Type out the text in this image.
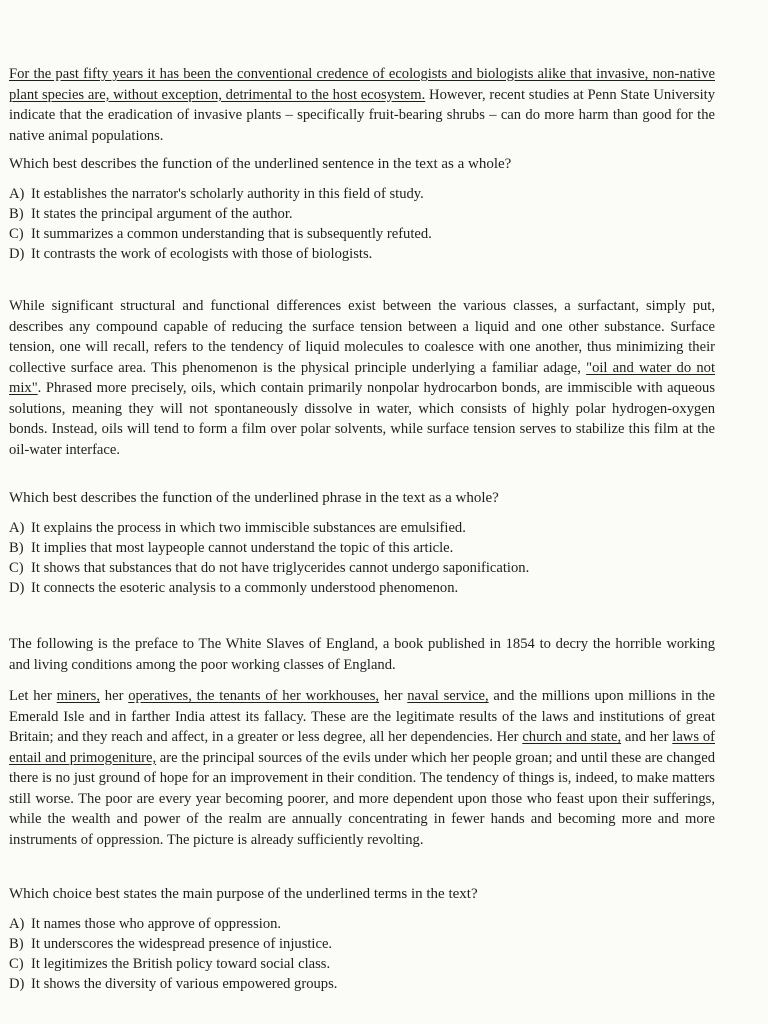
For the past fifty years it has been the conventional credence of ecologists and biologists alike that invasive, non-native plant species are, without exception, detrimental to the host ecosystem. However, recent studies at Penn State University indicate that the eradication of invasive plants – specifically fruit-bearing shrubs – can do more harm than good for the native animal populations.

Which best describes the function of the underlined sentence in the text as a whole?

A) It establishes the narrator's scholarly authority in this field of study.
B) It states the principal argument of the author.
C) It summarizes a common understanding that is subsequently refuted.
D) It contrasts the work of ecologists with those of biologists.

While significant structural and functional differences exist between the various classes, a surfactant, simply put, describes any compound capable of reducing the surface tension between a liquid and one other substance. Surface tension, one will recall, refers to the tendency of liquid molecules to coalesce with one another, thus minimizing their collective surface area. This phenomenon is the physical principle underlying a familiar adage, "oil and water do not mix". Phrased more precisely, oils, which contain primarily nonpolar hydrocarbon bonds, are immiscible with aqueous solutions, meaning they will not spontaneously dissolve in water, which consists of highly polar hydrogen-oxygen bonds. Instead, oils will tend to form a film over polar solvents, while surface tension serves to stabilize this film at the oil-water interface.

Which best describes the function of the underlined phrase in the text as a whole?

A) It explains the process in which two immiscible substances are emulsified.
B) It implies that most laypeople cannot understand the topic of this article.
C) It shows that substances that do not have triglycerides cannot undergo saponification.
D) It connects the esoteric analysis to a commonly understood phenomenon.

The following is the preface to The White Slaves of England, a book published in 1854 to decry the horrible working and living conditions among the poor working classes of England.

Let her miners, her operatives, the tenants of her workhouses, her naval service, and the millions upon millions in the Emerald Isle and in farther India attest its fallacy. These are the legitimate results of the laws and institutions of great Britain; and they reach and affect, in a greater or less degree, all her dependencies. Her church and state, and her laws of entail and primogeniture, are the principal sources of the evils under which her people groan; and until these are changed there is no just ground of hope for an improvement in their condition. The tendency of things is, indeed, to make matters still worse. The poor are every year becoming poorer, and more dependent upon those who feast upon their sufferings, while the wealth and power of the realm are annually concentrating in fewer hands and becoming more and more instruments of oppression. The picture is already sufficiently revolting.

Which choice best states the main purpose of the underlined terms in the text?

A) It names those who approve of oppression.
B) It underscores the widespread presence of injustice.
C) It legitimizes the British policy toward social class.
D) It shows the diversity of various empowered groups.
